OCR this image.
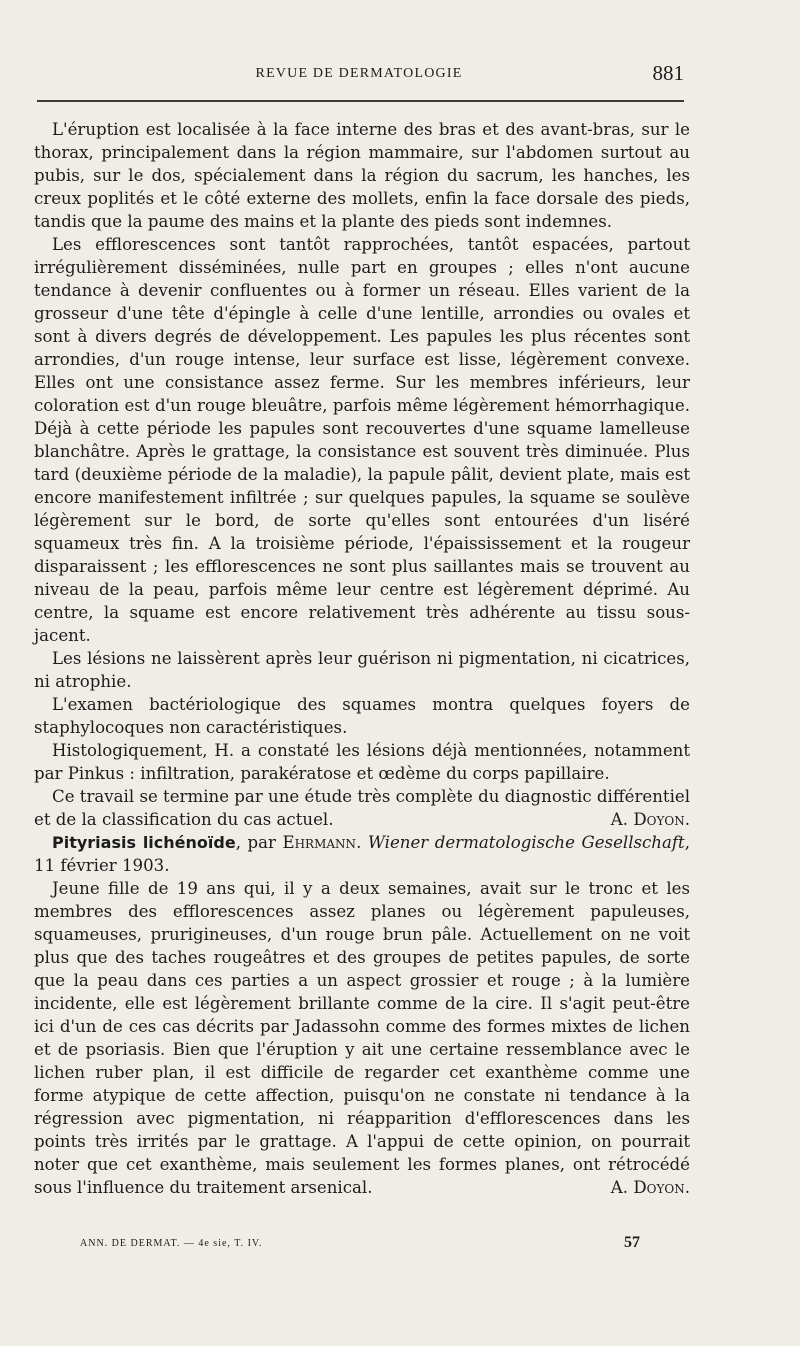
REVUE DE DERMATOLOGIE	881

L'éruption est localisée à la face interne des bras et des avant-bras, sur le thorax, principalement dans la région mammaire, sur l'abdomen surtout au pubis, sur le dos, spécialement dans la région du sacrum, les hanches, les creux poplités et le côté externe des mollets, enfin la face dorsale des pieds, tandis que la paume des mains et la plante des pieds sont indemnes.

Les efflorescences sont tantôt rapprochées, tantôt espacées, partout irrégulièrement disséminées, nulle part en groupes ; elles n'ont aucune tendance à devenir confluentes ou à former un réseau. Elles varient de la grosseur d'une tête d'épingle à celle d'une lentille, arrondies ou ovales et sont à divers degrés de développement. Les papules les plus récentes sont arrondies, d'un rouge intense, leur surface est lisse, légèrement convexe. Elles ont une consistance assez ferme. Sur les membres inférieurs, leur coloration est d'un rouge bleuâtre, parfois même légèrement hémorrhagique. Déjà à cette période les papules sont recouvertes d'une squame lamelleuse blanchâtre. Après le grattage, la consistance est souvent très diminuée. Plus tard (deuxième période de la maladie), la papule pâlit, devient plate, mais est encore manifestement infiltrée ; sur quelques papules, la squame se soulève légèrement sur le bord, de sorte qu'elles sont entourées d'un liséré squameux très fin. A la troisième période, l'épaississement et la rougeur disparaissent ; les efflorescences ne sont plus saillantes mais se trouvent au niveau de la peau, parfois même leur centre est légèrement déprimé. Au centre, la squame est encore relativement très adhérente au tissu sous-jacent.

Les lésions ne laissèrent après leur guérison ni pigmentation, ni cicatrices, ni atrophie.

L'examen bactériologique des squames montra quelques foyers de staphylocoques non caractéristiques.

Histologiquement, H. a constaté les lésions déjà mentionnées, notamment par Pinkus : infiltration, parakératose et œdème du corps papillaire.

Ce travail se termine par une étude très complète du diagnostic différentiel et de la classification du cas actuel.	A. Doyon.

Pityriasis lichénoïde, par Ehrmann. Wiener dermatologische Gesellschaft, 11 février 1903.

Jeune fille de 19 ans qui, il y a deux semaines, avait sur le tronc et les membres des efflorescences assez planes ou légèrement papuleuses, squameuses, prurigineuses, d'un rouge brun pâle. Actuellement on ne voit plus que des taches rougeâtres et des groupes de petites papules, de sorte que la peau dans ces parties a un aspect grossier et rouge ; à la lumière incidente, elle est légèrement brillante comme de la cire. Il s'agit peut-être ici d'un de ces cas décrits par Jadassohn comme des formes mixtes de lichen et de psoriasis. Bien que l'éruption y ait une certaine ressemblance avec le lichen ruber plan, il est difficile de regarder cet exanthème comme une forme atypique de cette affection, puisqu'on ne constate ni tendance à la régression avec pigmentation, ni réapparition d'efflorescences dans les points très irrités par le grattage. A l'appui de cette opinion, on pourrait noter que cet exanthème, mais seulement les formes planes, ont rétrocédé sous l'influence du traitement arsenical.	A. Doyon.

ANN. DE DERMAT. — 4e sie, T. IV.	57
